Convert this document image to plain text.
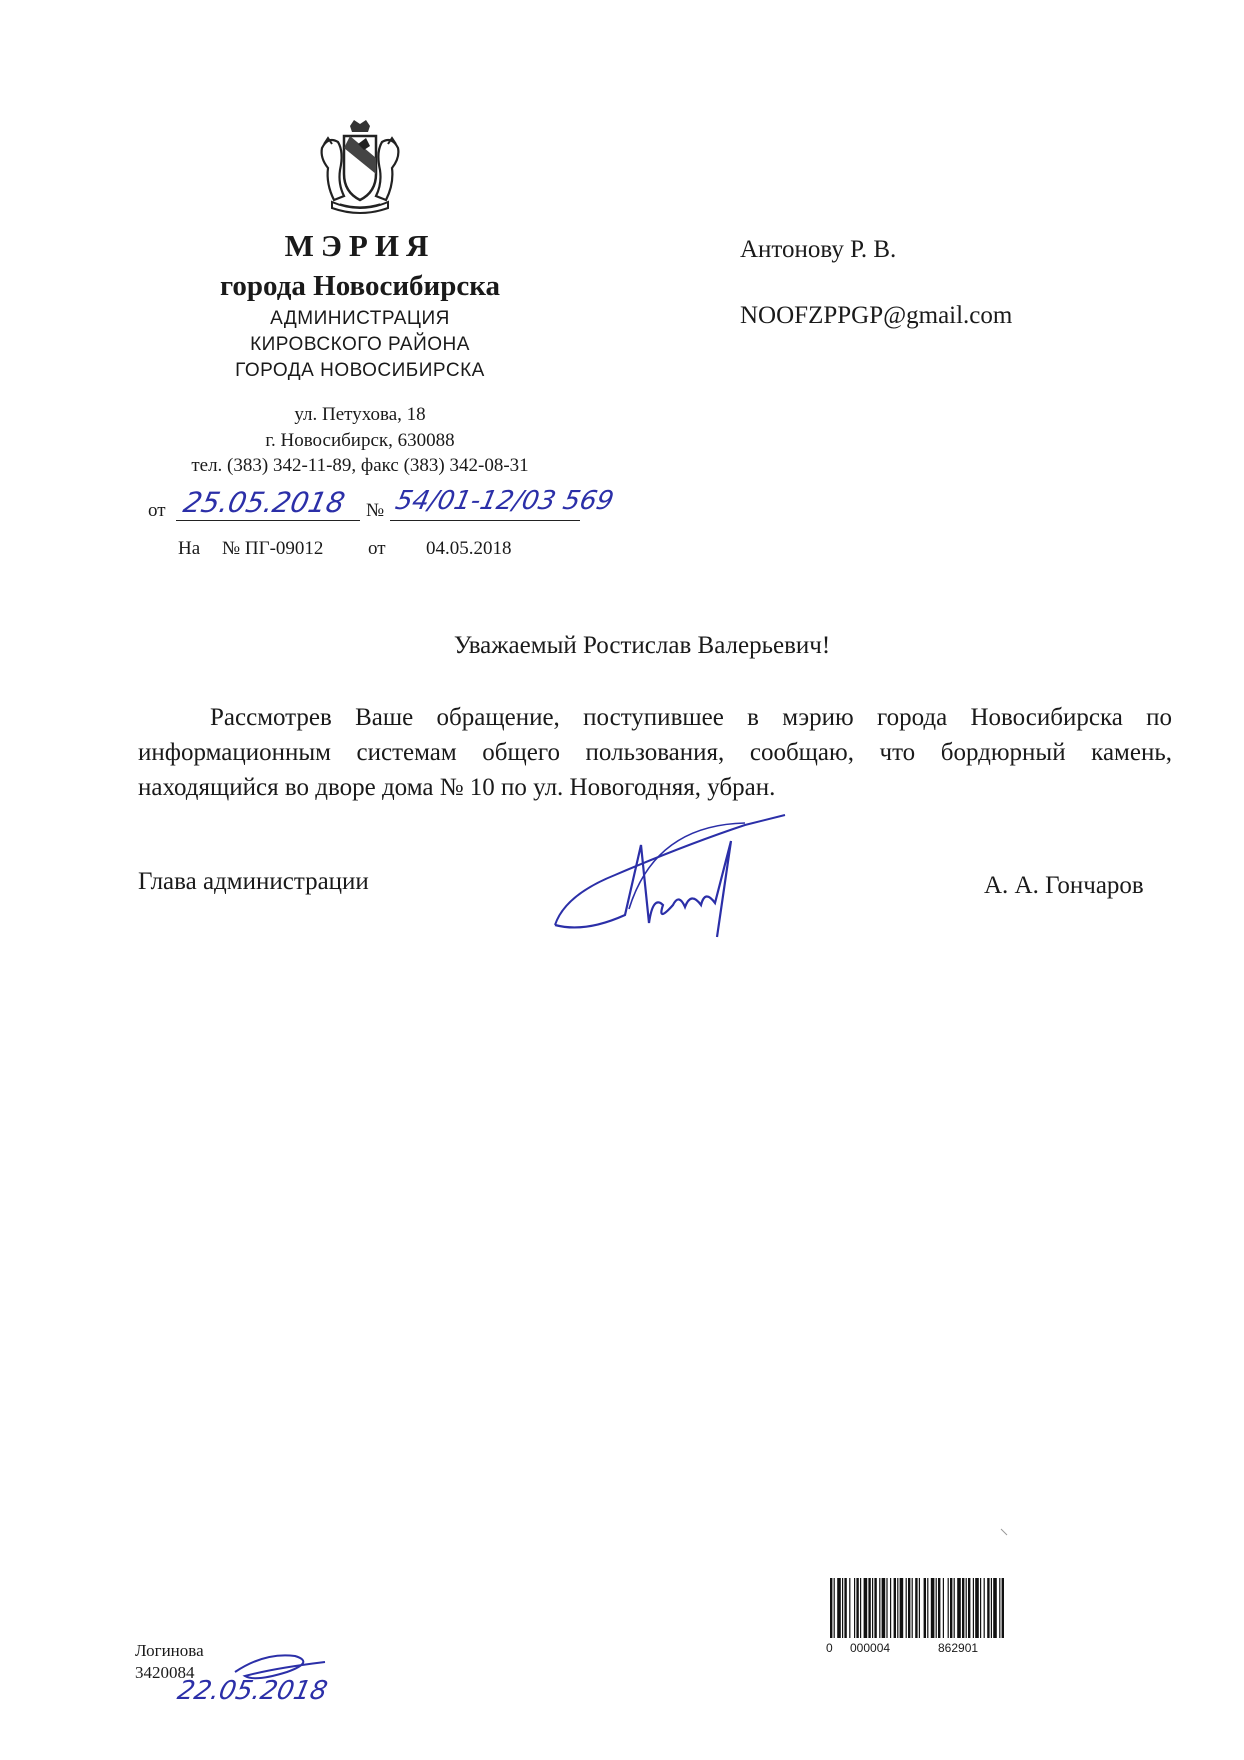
МЭРИЯ
города Новосибирска
АДМИНИСТРАЦИЯ
КИРОВСКОГО РАЙОНА
ГОРОДА НОВОСИБИРСКА
ул. Петухова, 18
г. Новосибирск, 630088
тел. (383) 342-11-89, факс (383) 342-08-31
от 25.05.2018 № 54/01-12/03 569
На № ПГ-09012 от 04.05.2018
Антонову Р. В.
NOOFZPPGP@gmail.com
Уважаемый Ростислав Валерьевич!
Рассмотрев Ваше обращение, поступившее в мэрию города Новосибирска по информационным системам общего пользования, сообщаю, что бордюрный камень, находящийся во дворе дома № 10 по ул. Новогодняя, убран.
Глава администрации	А. А. Гончаров
Логинова
3420084
22.05.2018
0 000004	862901
